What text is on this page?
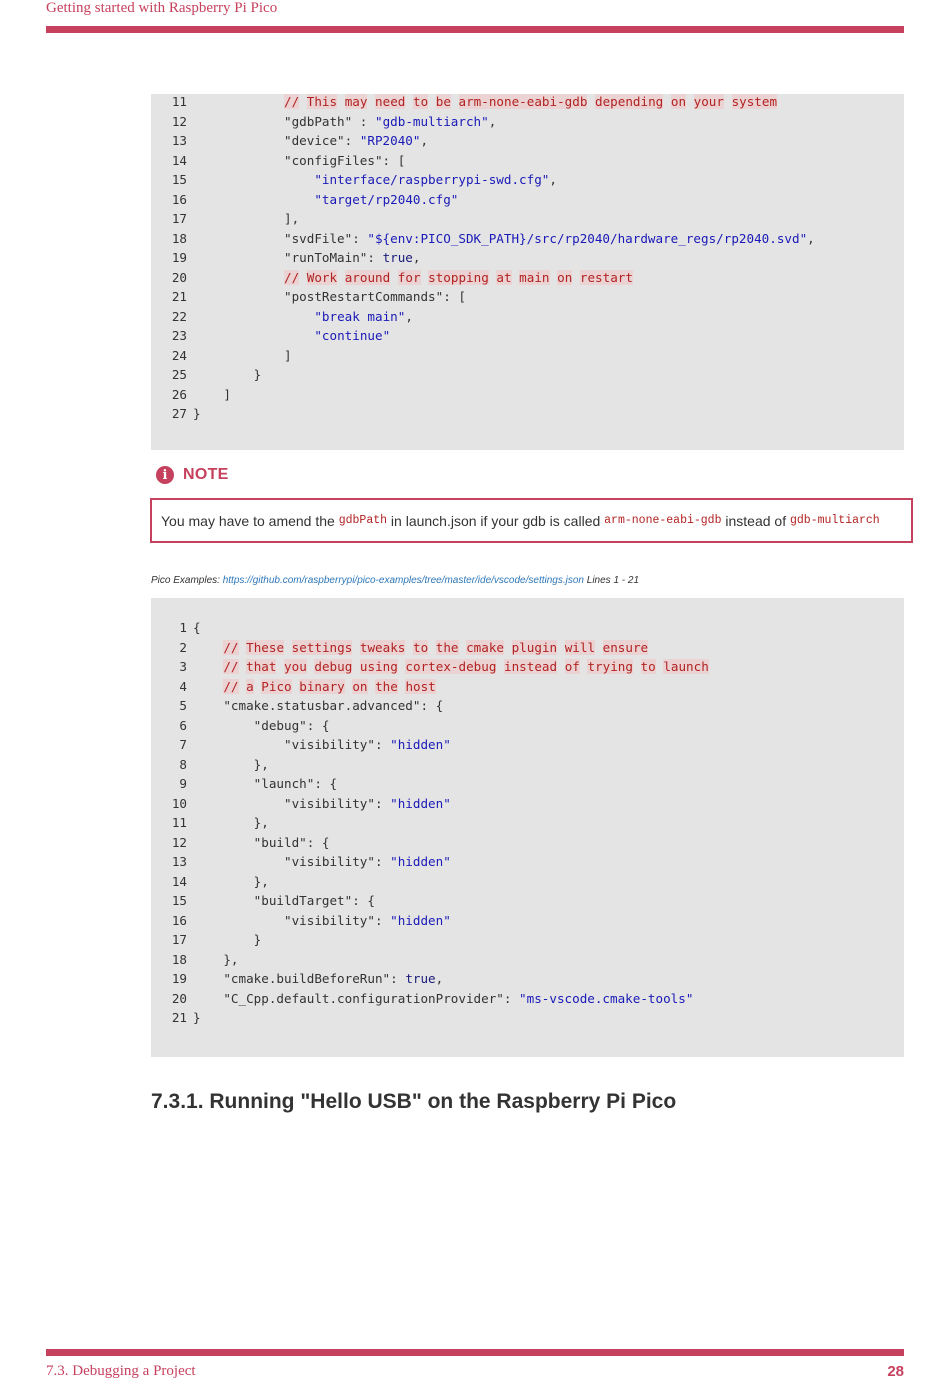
Getting started with Raspberry Pi Pico
11	// This may need to be arm-none-eabi-gdb depending on your system
12 "gdbPath" : "gdb-multiarch",
13 "device": "RP2040",
14 "configFiles": [
15	"interface/raspberrypi-swd.cfg",
16	"target/rp2040.cfg"
17 ],
18 "svdFile": "${env:PICO_SDK_PATH}/src/rp2040/hardware_regs/rp2040.svd",
19 "runToMain": true,
20	// Work around for stopping at main on restart
21 "postRestartCommands": [
22	"break main",
23	"continue"
24 ]
25 }
26 ]
27 }
i NOTE
You may have to amend the gdbPath in launch.json if your gdb is called arm-none-eabi-gdb instead of gdb-multiarch
Pico Examples: https://github.com/raspberrypi/pico-examples/tree/master/ide/vscode/settings.json Lines 1 - 21
1 {
2	// These settings tweaks to the cmake plugin will ensure
3	// that you debug using cortex-debug instead of trying to launch
4	// a Pico binary on the host
5 "cmake.statusbar.advanced": {
6 "debug": {
7 "visibility": "hidden"
8 },
9 "launch": {
10 "visibility": "hidden"
11 },
12 "build": {
13 "visibility": "hidden"
14 },
15 "buildTarget": {
16 "visibility": "hidden"
17 }
18 },
19 "cmake.buildBeforeRun": true,
20 "C_Cpp.default.configurationProvider": "ms-vscode.cmake-tools"
21 }
7.3.1. Running "Hello USB" on the Raspberry Pi Pico
7.3. Debugging a Project	28
